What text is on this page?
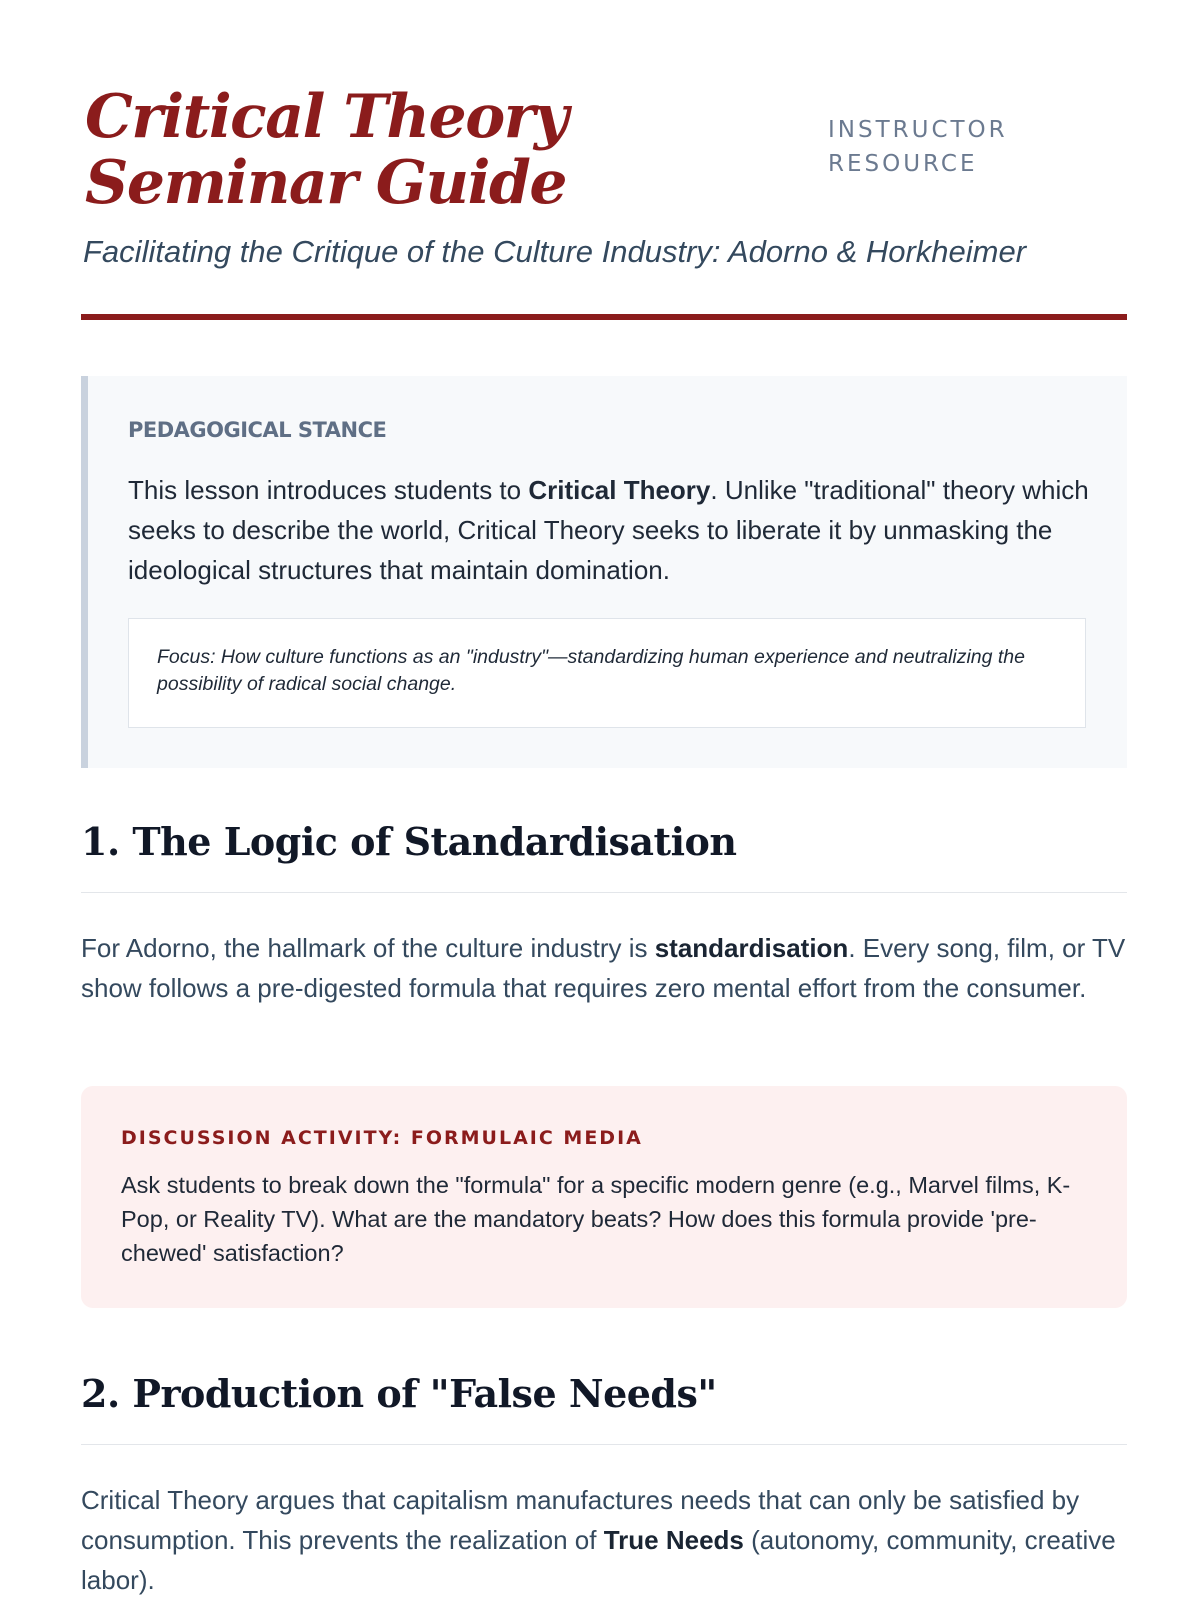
Critical Theory Seminar Guide
INSTRUCTOR RESOURCE

Facilitating the Critique of the Culture Industry: Adorno & Horkheimer

PEDAGOGICAL STANCE

This lesson introduces students to Critical Theory. Unlike "traditional" theory which seeks to describe the world, Critical Theory seeks to liberate it by unmasking the ideological structures that maintain domination.

Focus: How culture functions as an "industry"—standardizing human experience and neutralizing the possibility of radical social change.

1. The Logic of Standardisation

For Adorno, the hallmark of the culture industry is standardisation. Every song, film, or TV show follows a pre-digested formula that requires zero mental effort from the consumer.

DISCUSSION ACTIVITY: FORMULAIC MEDIA

Ask students to break down the "formula" for a specific modern genre (e.g., Marvel films, K-Pop, or Reality TV). What are the mandatory beats? How does this formula provide 'pre-chewed' satisfaction?

2. Production of "False Needs"

Critical Theory argues that capitalism manufactures needs that can only be satisfied by consumption. This prevents the realization of True Needs (autonomy, community, creative labor).
